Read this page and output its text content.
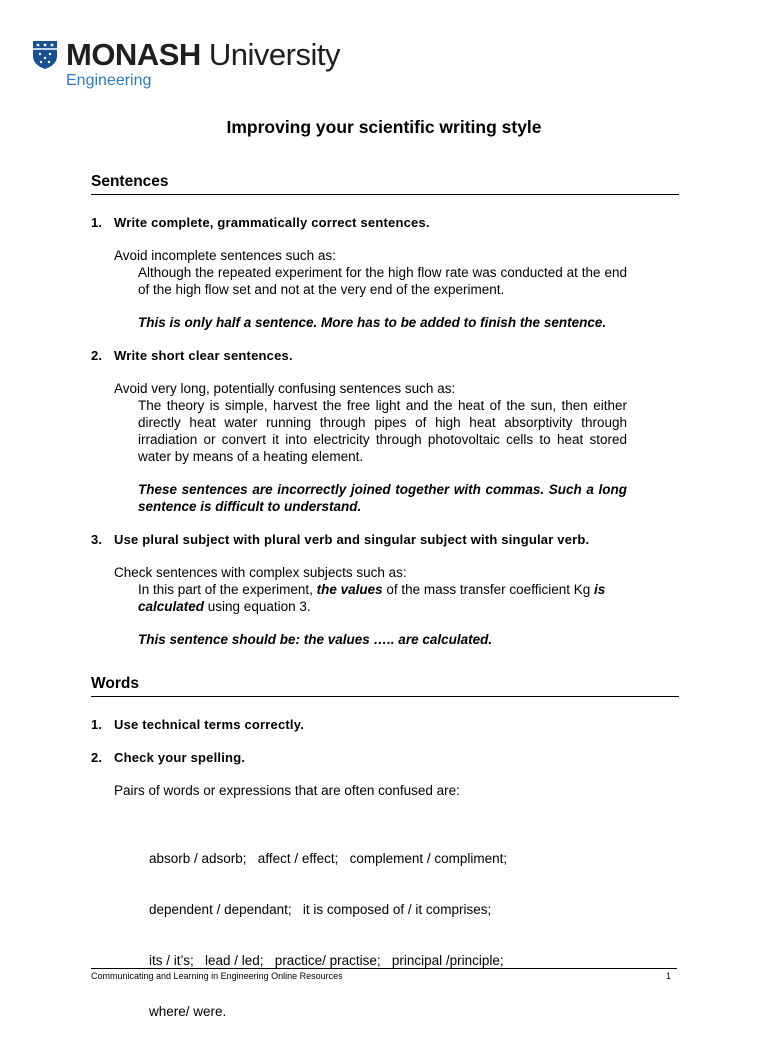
MONASH University
Engineering
Improving your scientific writing style
Sentences

1. Write complete, grammatically correct sentences.

Avoid incomplete sentences such as:

Although the repeated experiment for the high flow rate was conducted at the end of the high flow set and not at the very end of the experiment.

This is only half a sentence. More has to be added to finish the sentence.

2. Write short clear sentences.

Avoid very long, potentially confusing sentences such as:

The theory is simple, harvest the free light and the heat of the sun, then either directly heat water running through pipes of high heat absorptivity through irradiation or convert it into electricity through photovoltaic cells to heat stored water by means of a heating element.

These sentences are incorrectly joined together with commas. Such a long sentence is difficult to understand.

3. Use plural subject with plural verb and singular subject with singular verb.

Check sentences with complex subjects such as:

In this part of the experiment, the values of the mass transfer coefficient Kg is calculated using equation 3.

This sentence should be: the values ….. are calculated.

Words

1. Use technical terms correctly.

2. Check your spelling.

Pairs of words or expressions that are often confused are:

absorb / adsorb;   affect / effect;   complement / compliment;

dependent / dependant;   it is composed of / it comprises;

its / it’s;   lead / led;   practice/ practise;   principal /principle;

where/ were.

Communicating and Learning in Engineering Online Resources	1
